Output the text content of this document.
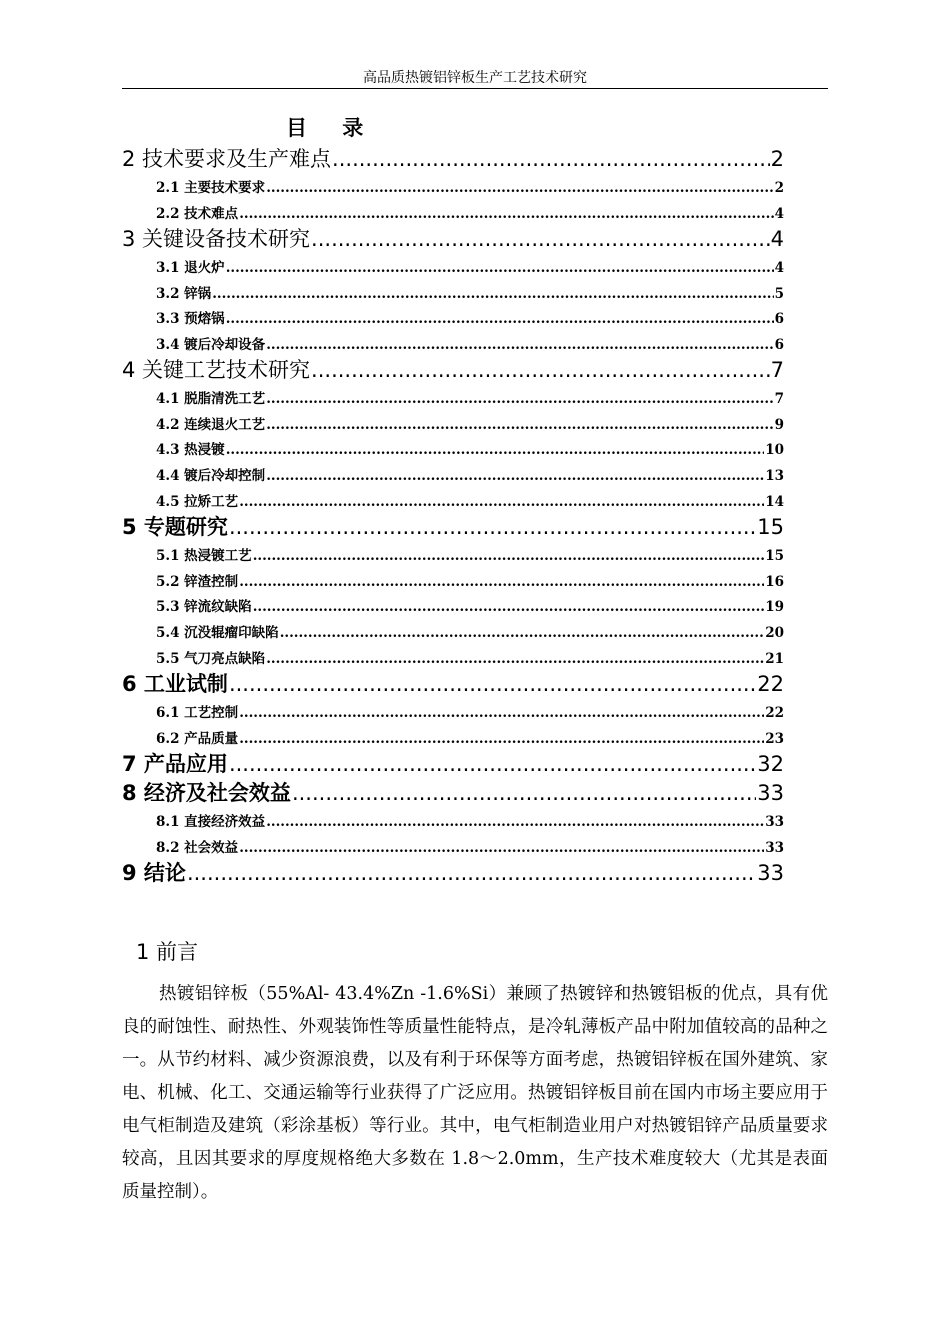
高品质热镀铝锌板生产工艺技术研究
目 录
2 技术要求及生产难点 .....	2
2.1 主要技术要求 .....	2
2.2 技术难点 .....	4
3 关键设备技术研究 .....	4
3.1 退火炉 .....	4
3.2 锌锅 .....	5
3.3 预熔锅 .....	6
3.4 镀后冷却设备 .....	6
4 关键工艺技术研究 .....	7
4.1 脱脂清洗工艺 .....	7
4.2 连续退火工艺 .....	9
4.3 热浸镀 .....	10
4.4 镀后冷却控制 .....	13
4.5 拉矫工艺 .....	14
5 专题研究 .....	15
5.1 热浸镀工艺 .....	15
5.2 锌渣控制 .....	16
5.3 锌流纹缺陷 .....	19
5.4 沉没辊瘤印缺陷 .....	20
5.5 气刀亮点缺陷 .....	21
6 工业试制 .....	22
6.1 工艺控制 .....	22
6.2 产品质量 .....	23
7 产品应用 .....	32
8 经济及社会效益 .....	33
8.1 直接经济效益 .....	33
8.2 社会效益 .....	33
9 结论 .....	33
1 前言
热镀铝锌板（55%Al- 43.4%Zn -1.6%Si）兼顾了热镀锌和热镀铝板的优点，具有优良的耐蚀性、耐热性、外观装饰性等质量性能特点，是冷轧薄板产品中附加值较高的品种之一。从节约材料、减少资源浪费，以及有利于环保等方面考虑，热镀铝锌板在国外建筑、家电、机械、化工、交通运输等行业获得了广泛应用。热镀铝锌板目前在国内市场主要应用于电气柜制造及建筑（彩涂基板）等行业。其中，电气柜制造业用户对热镀铝锌产品质量要求较高，且因其要求的厚度规格绝大多数在 1.8～2.0mm，生产技术难度较大（尤其是表面质量控制）。
